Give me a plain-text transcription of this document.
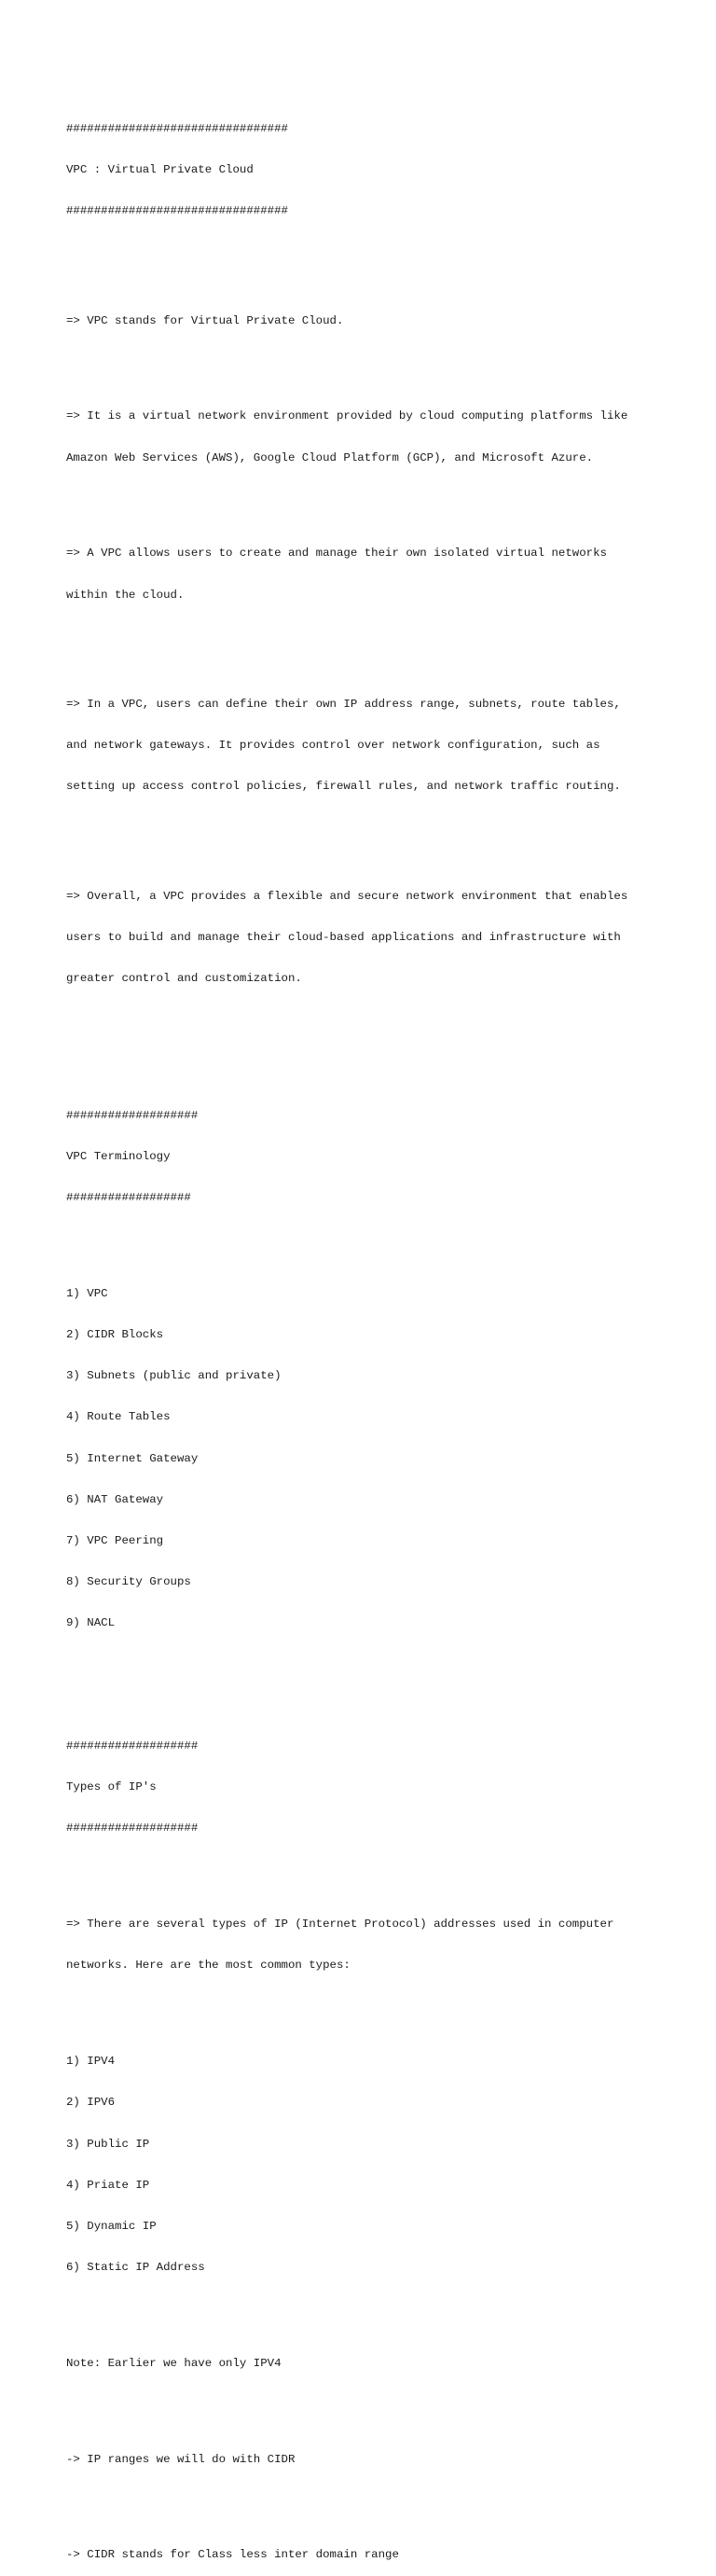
################################

VPC : Virtual Private Cloud

################################

=> VPC stands for Virtual Private Cloud.

=> It is a virtual network environment provided by cloud computing platforms like

Amazon Web Services (AWS), Google Cloud Platform (GCP), and Microsoft Azure.

=> A VPC allows users to create and manage their own isolated virtual networks

within the cloud.

=> In a VPC, users can define their own IP address range, subnets, route tables,

and network gateways. It provides control over network configuration, such as

setting up access control policies, firewall rules, and network traffic routing.

=> Overall, a VPC provides a flexible and secure network environment that enables

users to build and manage their cloud-based applications and infrastructure with

greater control and customization.

###################

VPC Terminology

##################

1) VPC

2) CIDR Blocks

3) Subnets (public and private)

4) Route Tables

5) Internet Gateway

6) NAT Gateway

7) VPC Peering

8) Security Groups

9) NACL

###################

Types of IP's

###################

=> There are several types of IP (Internet Protocol) addresses used in computer

networks. Here are the most common types:

1) IPV4

2) IPV6

3) Public IP

4) Priate IP

5) Dynamic IP

6) Static IP Address

Note: Earlier we have only IPV4

-> IP ranges we will do with CIDR

-> CIDR stands for Class less inter domain range
